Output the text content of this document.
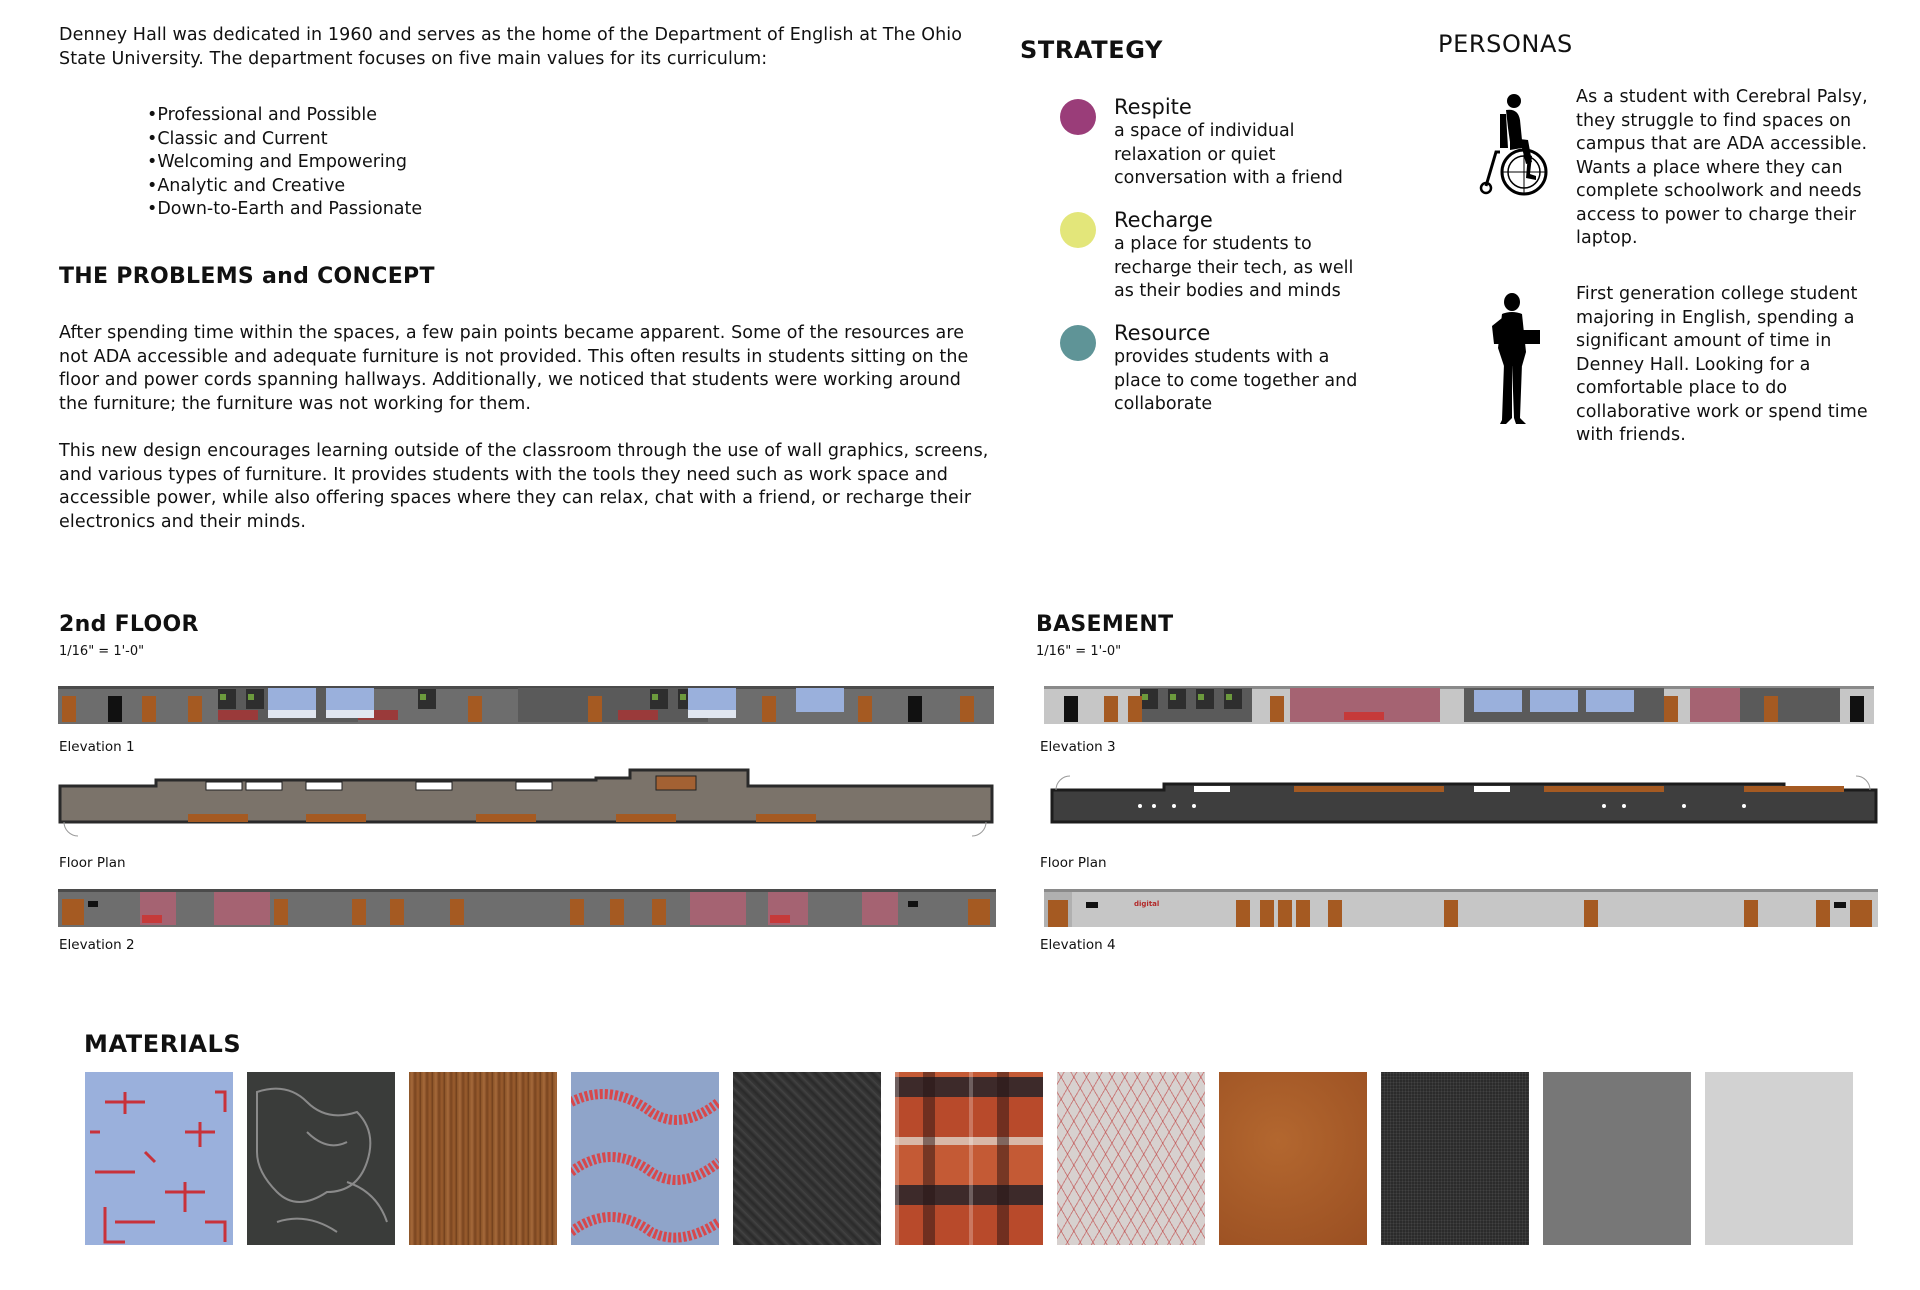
Denney Hall was dedicated in 1960 and serves as the home of the Department of English at The Ohio State University. The department focuses on five main values for its curriculum:

• Professional and Possible
• Classic and Current
• Welcoming and Empowering
• Analytic and Creative
• Down-to-Earth and Passionate
THE PROBLEMS and CONCEPT

After spending time within the spaces, a few pain points became apparent. Some of the resources are not ADA accessible and adequate furniture is not provided. This often results in students sitting on the floor and power cords spanning hallways. Additionally, we noticed that students were working around the furniture; the furniture was not working for them.

This new design encourages learning outside of the classroom through the use of wall graphics, screens, and various types of furniture. It provides students with the tools they need such as work space and accessible power, while also offering spaces where they can relax, chat with a friend, or recharge their electronics and their minds.

STRATEGY
Respite
a space of individual relaxation or quiet conversation with a friend
Recharge
a place for students to recharge their tech, as well as their bodies and minds
Resource
provides students with a place to come together and collaborate
PERSONAS

As a student with Cerebral Palsy, they struggle to find spaces on campus that are ADA accessible. Wants a place where they can complete schoolwork and needs access to power to charge their laptop.

First generation college student majoring in English, spending a significant amount of time in Denney Hall. Looking for a comfortable place to do collaborative work or spend time with friends.

2nd FLOOR
1/16" = 1'-0"
Elevation 1
Floor Plan
Elevation 2
BASEMENT
1/16" = 1'-0"
Elevation 3
Floor Plan
digital
Elevation 4
MATERIALS
